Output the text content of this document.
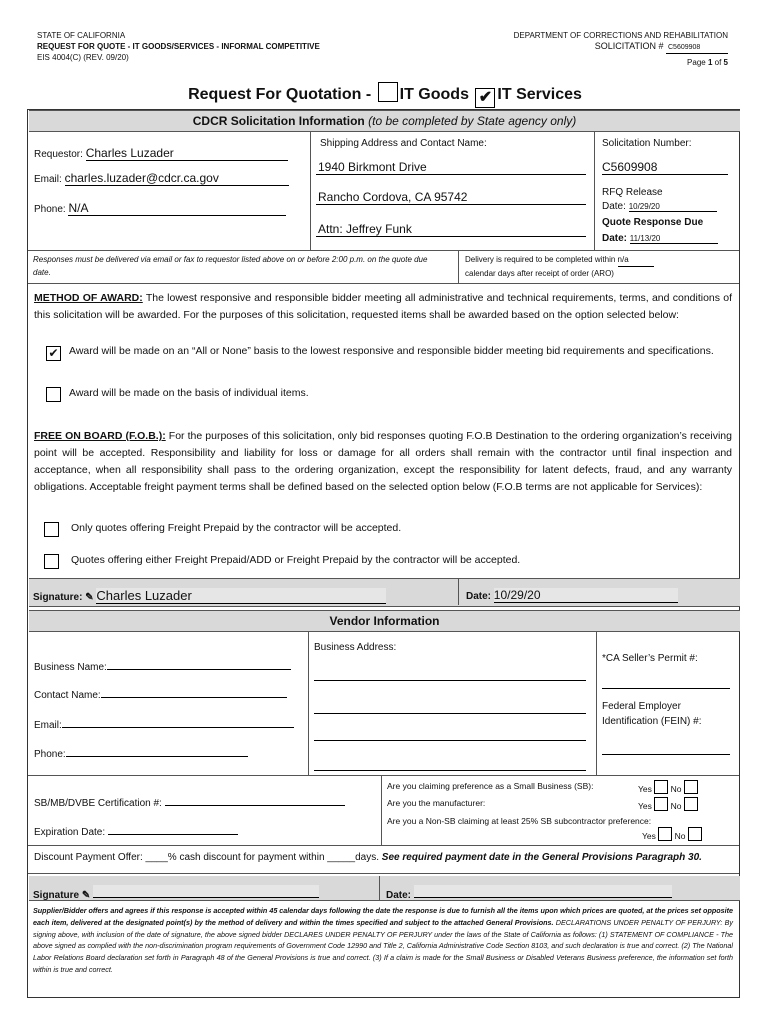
STATE OF CALIFORNIA
REQUEST FOR QUOTE - IT GOODS/SERVICES - INFORMAL COMPETITIVE
EIS 4004(C) (REV. 09/20)
DEPARTMENT OF CORRECTIONS AND REHABILITATION
SOLICITATION # C5609908
Page 1 of 5
Request For Quotation - IT Goods ✔ IT Services
CDCR Solicitation Information (to be completed by State agency only)
Requestor: Charles Luzader
Email: charles.luzader@cdcr.ca.gov
Phone: N/A
Shipping Address and Contact Name:
1940 Birkmont Drive
Rancho Cordova, CA 95742
Attn: Jeffrey Funk
Solicitation Number:
C5609908
RFQ Release
Date: 10/29/20
Quote Response Due
Date: 11/13/20
Responses must be delivered via email or fax to requestor listed above on or before 2:00 p.m. on the quote due date.
Delivery is required to be completed within n/a
calendar days after receipt of order (ARO)
METHOD OF AWARD: The lowest responsive and responsible bidder meeting all administrative and technical requirements, terms, and conditions of this solicitation will be awarded. For the purposes of this solicitation, requested items shall be awarded based on the option selected below:
✔ Award will be made on an “All or None” basis to the lowest responsive and responsible bidder meeting bid requirements and specifications.
Award will be made on the basis of individual items.
FREE ON BOARD (F.O.B.): For the purposes of this solicitation, only bid responses quoting F.O.B Destination to the ordering organization’s receiving point will be accepted. Responsibility and liability for loss or damage for all orders shall remain with the contractor until final inspection and acceptance, when all responsibility shall pass to the ordering organization, except the responsibility for latent defects, fraud, and any warranty obligations. Acceptable freight payment terms shall be defined based on the selected option below (F.O.B terms are not applicable for Services):
Only quotes offering Freight Prepaid by the contractor will be accepted.
Quotes offering either Freight Prepaid/ADD or Freight Prepaid by the contractor will be accepted.
Signature: ✎ Charles Luzader	Date: 10/29/20
Vendor Information
Business Name:
Contact Name:
Email:
Phone:
Business Address:
*CA Seller’s Permit #:
Federal Employer Identification (FEIN) #:
SB/MB/DVBE Certification #:
Expiration Date:
Are you claiming preference as a Small Business (SB):	Yes No
Are you the manufacturer:	Yes No
Are you a Non-SB claiming at least 25% SB subcontractor preference:
Yes No
Discount Payment Offer: ____% cash discount for payment within _____days. See required payment date in the General Provisions Paragraph 30.
Signature ✎	Date:
Supplier/Bidder offers and agrees if this response is accepted within 45 calendar days following the date the response is due to furnish all the items upon which prices are quoted, at the prices set opposite each item, delivered at the designated point(s) by the method of delivery and within the times specified and subject to the attached General Provisions. DECLARATIONS UNDER PENALTY OF PERJURY: By signing above, with inclusion of the date of signature, the above signed bidder DECLARES UNDER PENALTY OF PERJURY under the laws of the State of California as follows: (1) STATEMENT OF COMPLIANCE - The above signed as complied with the non-discrimination program requirements of Government Code 12990 and Title 2, California Administrative Code Section 8103, and such declaration is true and correct. (2) The National Labor Relations Board declaration set forth in Paragraph 48 of the General Provisions is true and correct. (3) If a claim is made for the Small Business or Disabled Veterans Business preference, the information set forth within is true and correct.
